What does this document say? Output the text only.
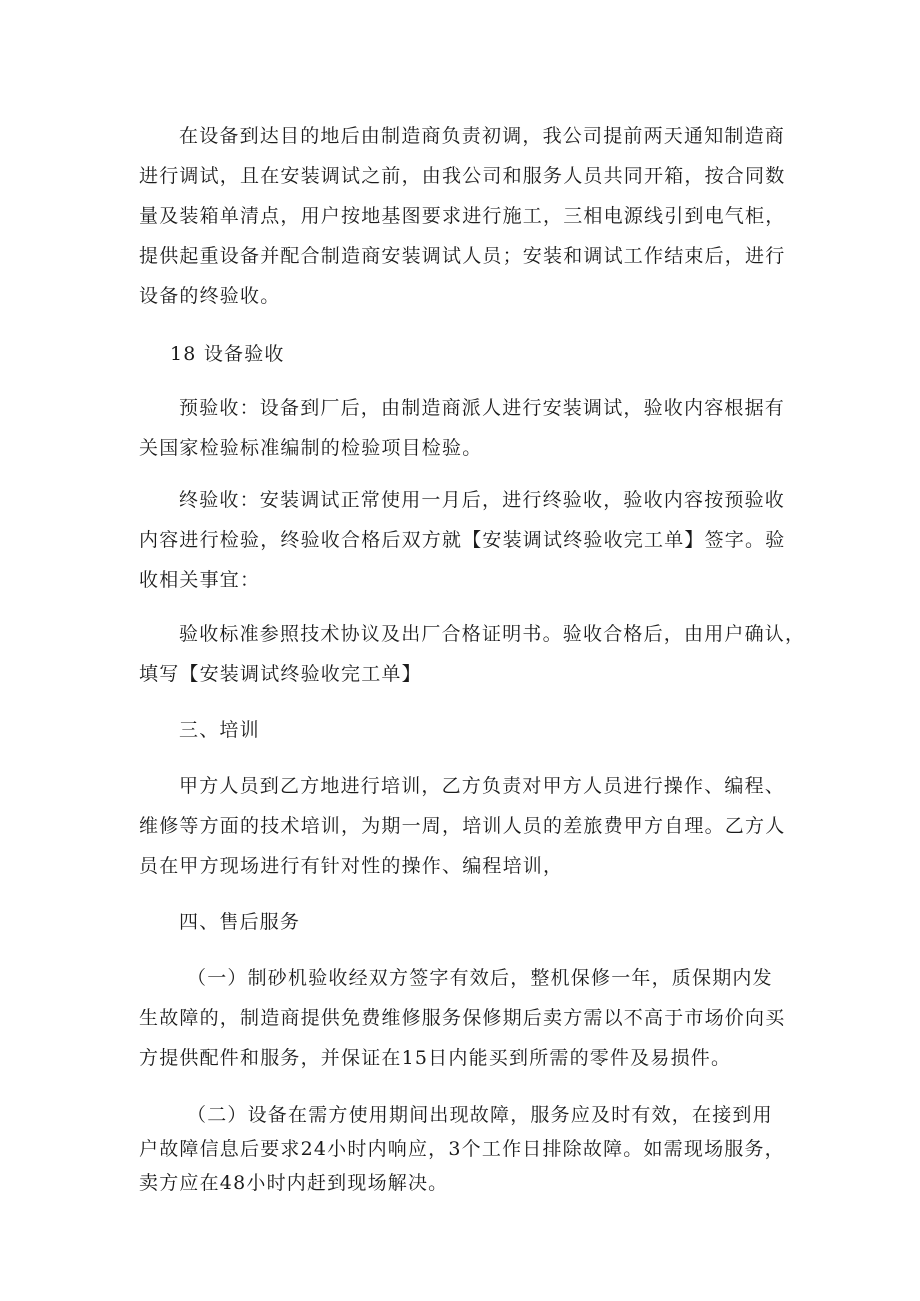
在设备到达目的地后由制造商负责初调，我公司提前两天通知制造商
进行调试，且在安装调试之前，由我公司和服务人员共同开箱，按合同数
量及装箱单清点，用户按地基图要求进行施工，三相电源线引到电气柜，
提供起重设备并配合制造商安装调试人员；安装和调试工作结束后，进行
设备的终验收。
18 设备验收
预验收：设备到厂后，由制造商派人进行安装调试，验收内容根据有
关国家检验标准编制的检验项目检验。
终验收：安装调试正常使用一月后，进行终验收，验收内容按预验收
内容进行检验，终验收合格后双方就【安装调试终验收完工单】签字。验
收相关事宜：
验收标准参照技术协议及出厂合格证明书。验收合格后，由用户确认，
填写【安装调试终验收完工单】
三、培训
甲方人员到乙方地进行培训，乙方负责对甲方人员进行操作、编程、
维修等方面的技术培训，为期一周，培训人员的差旅费甲方自理。乙方人
员在甲方现场进行有针对性的操作、编程培训，
四、售后服务
（一）制砂机验收经双方签字有效后，整机保修一年，质保期内发
生故障的，制造商提供免费维修服务保修期后卖方需以不高于市场价向买
方提供配件和服务，并保证在15日内能买到所需的零件及易损件。
（二）设备在需方使用期间出现故障，服务应及时有效，在接到用
户故障信息后要求24小时内响应，3个工作日排除故障。如需现场服务，
卖方应在48小时内赶到现场解决。
